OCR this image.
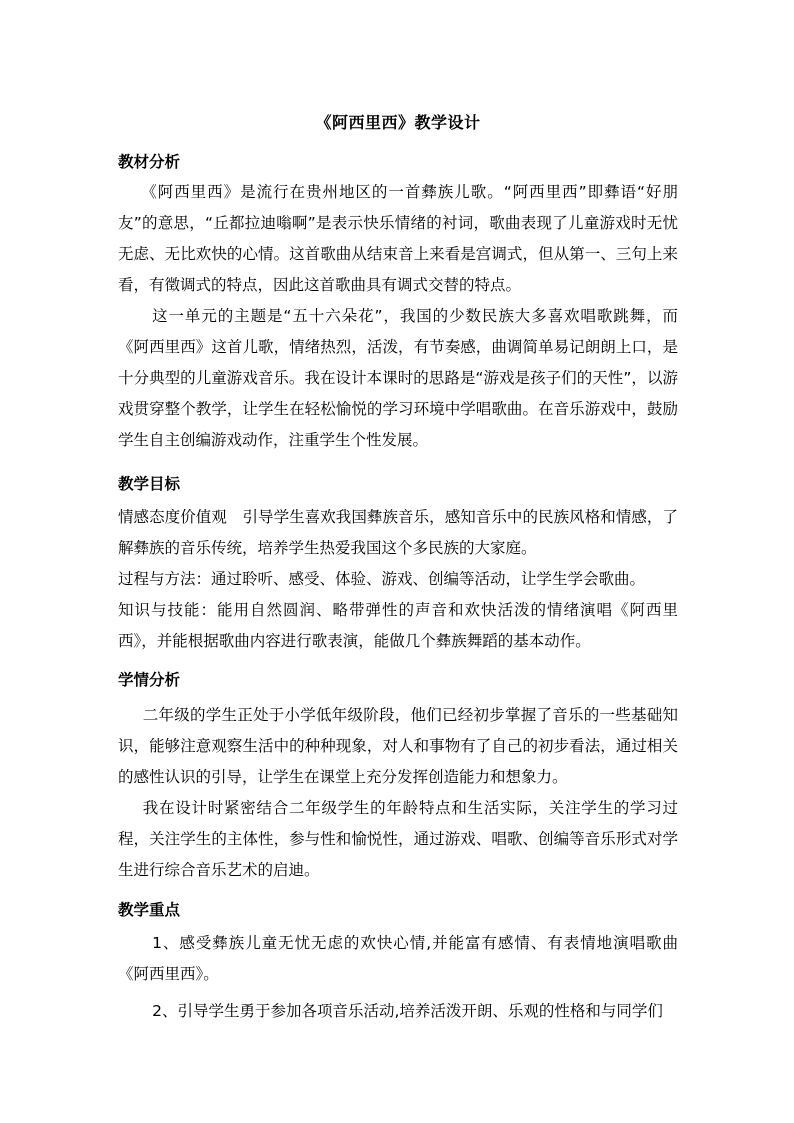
《阿西里西》教学设计
教材分析

《阿西里西》是流行在贵州地区的一首彝族儿歌。“阿西里西”即彝语“好朋友”的意思，“丘都拉迪嗡啊”是表示快乐情绪的衬词，歌曲表现了儿童游戏时无忧无虑、无比欢快的心情。这首歌曲从结束音上来看是宫调式，但从第一、三句上来看，有徵调式的特点，因此这首歌曲具有调式交替的特点。

这一单元的主题是“五十六朵花”，我国的少数民族大多喜欢唱歌跳舞，而《阿西里西》这首儿歌，情绪热烈，活泼，有节奏感，曲调简单易记朗朗上口，是十分典型的儿童游戏音乐。我在设计本课时的思路是“游戏是孩子们的天性”，以游戏贯穿整个教学，让学生在轻松愉悦的学习环境中学唱歌曲。在音乐游戏中，鼓励学生自主创编游戏动作，注重学生个性发展。

教学目标

情感态度价值观　引导学生喜欢我国彝族音乐，感知音乐中的民族风格和情感，了解彝族的音乐传统，培养学生热爱我国这个多民族的大家庭。

过程与方法：通过聆听、感受、体验、游戏、创编等活动，让学生学会歌曲。

知识与技能：能用自然圆润、略带弹性的声音和欢快活泼的情绪演唱《阿西里西》，并能根据歌曲内容进行歌表演，能做几个彝族舞蹈的基本动作。

学情分析

二年级的学生正处于小学低年级阶段，他们已经初步掌握了音乐的一些基础知识，能够注意观察生活中的种种现象，对人和事物有了自己的初步看法，通过相关的感性认识的引导，让学生在课堂上充分发挥创造能力和想象力。

我在设计时紧密结合二年级学生的年龄特点和生活实际，关注学生的学习过程，关注学生的主体性，参与性和愉悦性，通过游戏、唱歌、创编等音乐形式对学生进行综合音乐艺术的启迪。

教学重点

1、感受彝族儿童无忧无虑的欢快心情,并能富有感情、有表情地演唱歌曲《阿西里西》。

2、引导学生勇于参加各项音乐活动,培养活泼开朗、乐观的性格和与同学们
